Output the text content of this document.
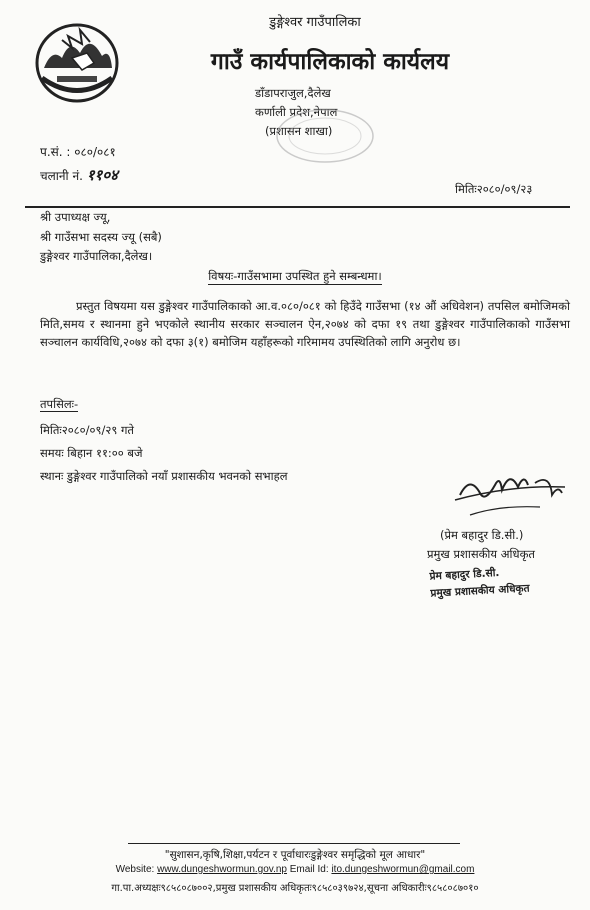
डुङ्गेश्वर गाउँपालिका
गाउँ कार्यपालिकाको कार्यलय
डाँडापराजुल,दैलेख
कर्णाली प्रदेश,नेपाल
(प्रशासन शाखा)
प.सं. : ०८०/०८१
चलानी नं. ११०४
मितिः२०८०/०९/२३
श्री उपाध्यक्ष ज्यू,
श्री गाउँसभा सदस्य ज्यू (सबै)
डुङ्गेश्वर गाउँपालिका,दैलेख।
विषयः-गाउँसभामा उपस्थित हुने सम्बन्धमा।

प्रस्तुत विषयमा यस डुङ्गेश्वर गाउँपालिकाको आ.व.०८०/०८१ को हिउँदे गाउँसभा (१४ औं अधिवेशन) तपसिल बमोजिमको मिति,समय र स्थानमा हुने भएकोले स्थानीय सरकार सञ्चालन ऐन,२०७४ को दफा १९ तथा डुङ्गेश्वर गाउँपालिकाको गाउँसभा सञ्चालन कार्यविधि,२०७४ को दफा ३(१) बमोजिम यहाँहरूको गरिमामय उपस्थितिको लागि अनुरोध छ।

तपसिलः-
मितिः२०८०/०९/२९ गते
समयः बिहान ११:०० बजे
स्थानः डुङ्गेश्वर गाउँपालिको नयाँ प्रशासकीय भवनको सभाहल
(प्रेम बहादुर डि.सी.)
प्रमुख प्रशासकीय अधिकृत
प्रेम बहादुर डि.सी.
प्रमुख प्रशासकीय अधिकृत
"सुशासन,कृषि,शिक्षा,पर्यटन र पूर्वाधारःडुङ्गेश्वर समृद्धिको मूल आधार"
Website: www.dungeshwormun.gov.np Email Id: ito.dungeshwormun@gmail.com
गा.पा.अध्यक्षः९८५८०८७००२,प्रमुख प्रशासकीय अधिकृतः९८५८०३९७२४,सूचना अधिकारीः९८५८०८७०१०
